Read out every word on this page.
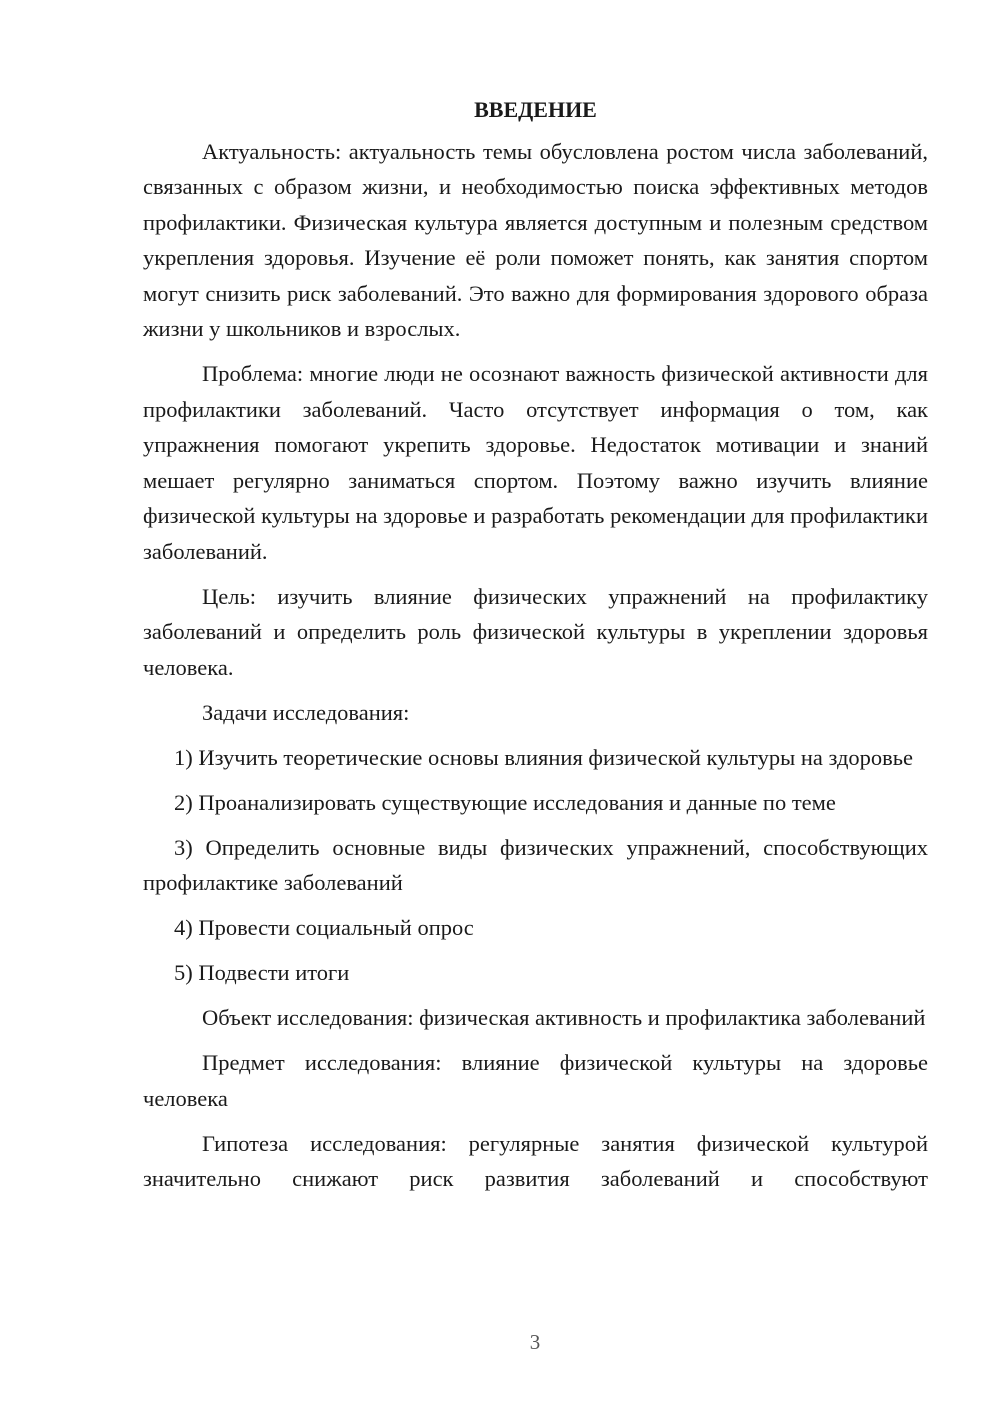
ВВЕДЕНИЕ

Актуальность: актуальность темы обусловлена ростом числа заболеваний, связанных с образом жизни, и необходимостью поиска эффективных методов профилактики. Физическая культура является доступным и полезным средством укрепления здоровья. Изучение её роли поможет понять, как занятия спортом могут снизить риск заболеваний. Это важно для формирования здорового образа жизни у школьников и взрослых.

Проблема: многие люди не осознают важность физической активности для профилактики заболеваний. Часто отсутствует информация о том, как упражнения помогают укрепить здоровье. Недостаток мотивации и знаний мешает регулярно заниматься спортом. Поэтому важно изучить влияние физической культуры на здоровье и разработать рекомендации для профилактики заболеваний.

Цель: изучить влияние физических упражнений на профилактику заболеваний и определить роль физической культуры в укреплении здоровья человека.

Задачи исследования:

1) Изучить теоретические основы влияния физической культуры на здоровье

2) Проанализировать существующие исследования и данные по теме

3) Определить основные виды физических упражнений, способствующих профилактике заболеваний

4) Провести социальный опрос

5) Подвести итоги

Объект исследования: физическая активность и профилактика заболеваний

Предмет исследования: влияние физической культуры на здоровье человека

Гипотеза исследования: регулярные занятия физической культурой значительно снижают риск развития заболеваний и способствуют

3
